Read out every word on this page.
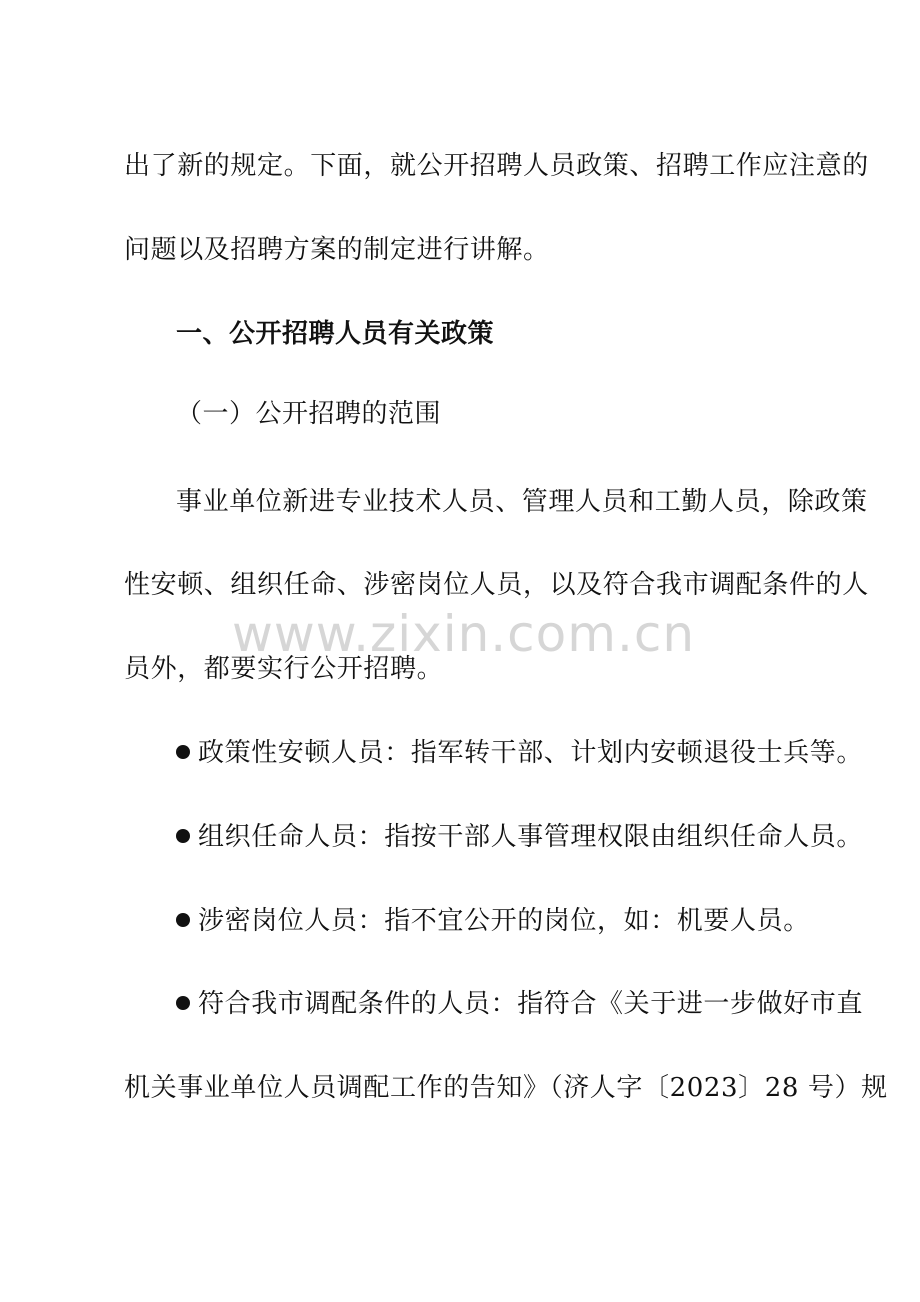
出了新的规定。下面，就公开招聘人员政策、招聘工作应注意的
问题以及招聘方案的制定进行讲解。
一、公开招聘人员有关政策
（一）公开招聘的范围
事业单位新进专业技术人员、管理人员和工勤人员，除政策
性安顿、组织任命、涉密岗位人员，以及符合我市调配条件的人
员外，都要实行公开招聘。
政策性安顿人员：指军转干部、计划内安顿退役士兵等。
组织任命人员：指按干部人事管理权限由组织任命人员。
涉密岗位人员：指不宜公开的岗位，如：机要人员。
符合我市调配条件的人员：指符合《关于进一步做好市直
机关事业单位人员调配工作的告知》（济人字〔2023〕28 号）规
www.zixin.com.cn
